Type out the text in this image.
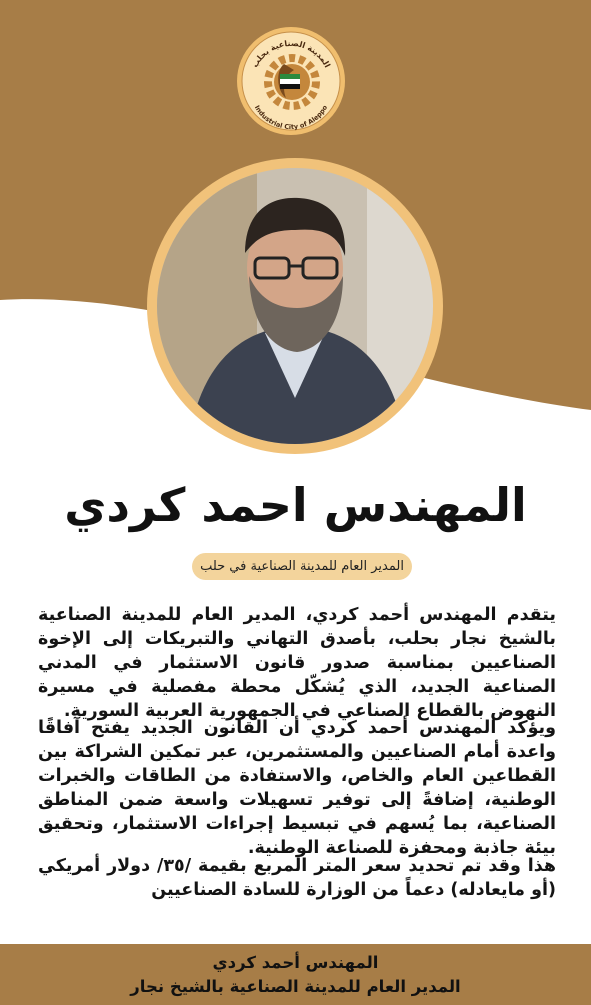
المدينة الصناعية بحلب
Industrial City of Aleppo
المهندس احمد كردي
المدير العام للمدينة الصناعية في حلب

يتقدم المهندس أحمد كردي، المدير العام للمدينة الصناعية بالشيخ نجار بحلب، بأصدق التهاني والتبريكات إلى الإخوة الصناعيين بمناسبة صدور قانون الاستثمار في المدني الصناعية الجديد، الذي يُشكّل محطة مفصلية في مسيرة النهوض بالقطاع الصناعي في الجمهورية العربية السورية.

ويؤكد المهندس أحمد كردي أن القانون الجديد يفتح آفاقًا واعدة أمام الصناعيين والمستثمرين، عبر تمكين الشراكة بين القطاعين العام والخاص، والاستفادة من الطاقات والخبرات الوطنية، إضافةً إلى توفير تسهيلات واسعة ضمن المناطق الصناعية، بما يُسهم في تبسيط إجراءات الاستثمار، وتحقيق بيئة جاذبة ومحفزة للصناعة الوطنية.

هذا وقد تم تحديد سعر المتر المربع بقيمة /٣٥/ دولار أمريكي (أو مايعادله) دعماً من الوزارة للسادة الصناعيين

المهندس أحمد كردي
المدير العام للمدينة الصناعية بالشيخ نجار
